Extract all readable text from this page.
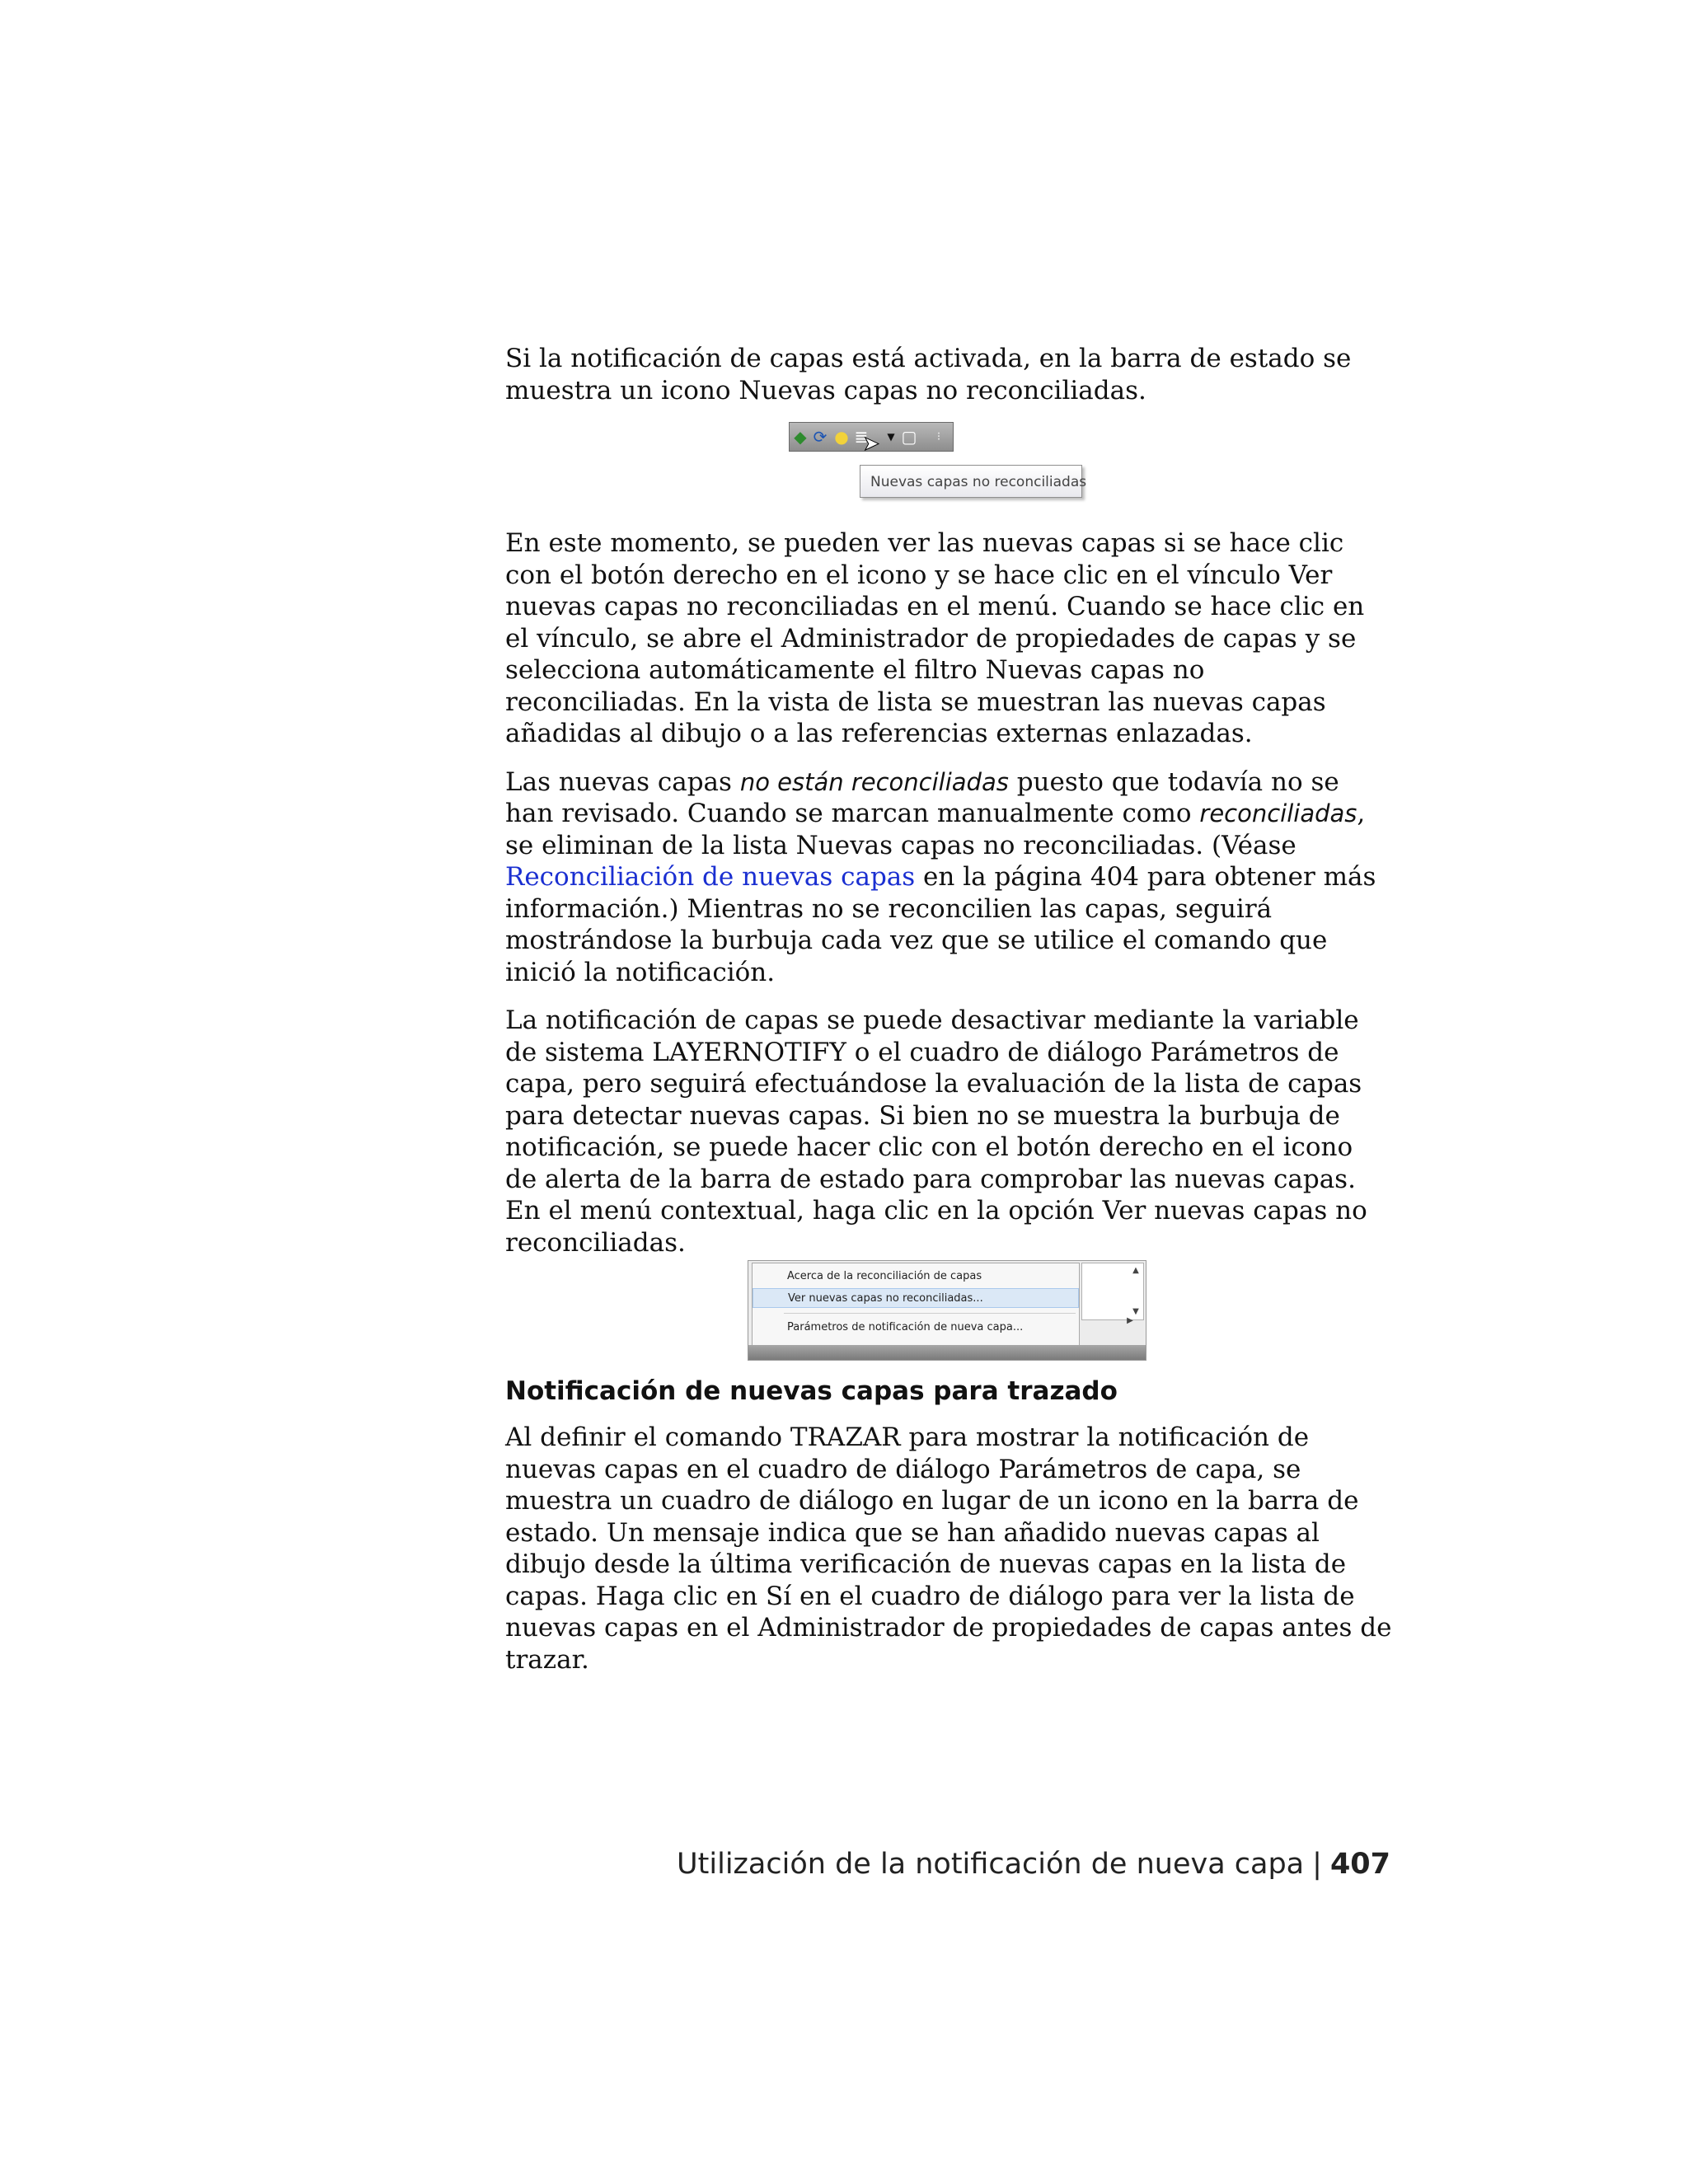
Si la notificación de capas está activada, en la barra de estado se muestra un icono Nuevas capas no reconciliadas.

◆ ⟳ ● ≣ ▼ ▢	⁝
➤
Nuevas capas no reconciliadas

En este momento, se pueden ver las nuevas capas si se hace clic con el botón derecho en el icono y se hace clic en el vínculo Ver nuevas capas no reconciliadas en el menú. Cuando se hace clic en el vínculo, se abre el Administrador de propiedades de capas y se selecciona automáticamente el filtro Nuevas capas no reconciliadas. En la vista de lista se muestran las nuevas capas añadidas al dibujo o a las referencias externas enlazadas.

Las nuevas capas no están reconciliadas puesto que todavía no se han revisado. Cuando se marcan manualmente como reconciliadas, se eliminan de la lista Nuevas capas no reconciliadas. (Véase Reconciliación de nuevas capas en la página 404 para obtener más información.) Mientras no se reconcilien las capas, seguirá mostrándose la burbuja cada vez que se utilice el comando que inició la notificación.

La notificación de capas se puede desactivar mediante la variable de sistema LAYERNOTIFY o el cuadro de diálogo Parámetros de capa, pero seguirá efectuándose la evaluación de la lista de capas para detectar nuevas capas. Si bien no se muestra la burbuja de notificación, se puede hacer clic con el botón derecho en el icono de alerta de la barra de estado para comprobar las nuevas capas. En el menú contextual, haga clic en la opción Ver nuevas capas no reconciliadas.

Acerca de la reconciliación de capas
Ver nuevas capas no reconciliadas...
Parámetros de notificación de nueva capa...
▲
▼
▶
Notificación de nuevas capas para trazado

Al definir el comando TRAZAR para mostrar la notificación de nuevas capas en el cuadro de diálogo Parámetros de capa, se muestra un cuadro de diálogo en lugar de un icono en la barra de estado. Un mensaje indica que se han añadido nuevas capas al dibujo desde la última verificación de nuevas capas en la lista de capas. Haga clic en Sí en el cuadro de diálogo para ver la lista de nuevas capas en el Administrador de propiedades de capas antes de trazar.

Utilización de la notificación de nueva capa | 407
